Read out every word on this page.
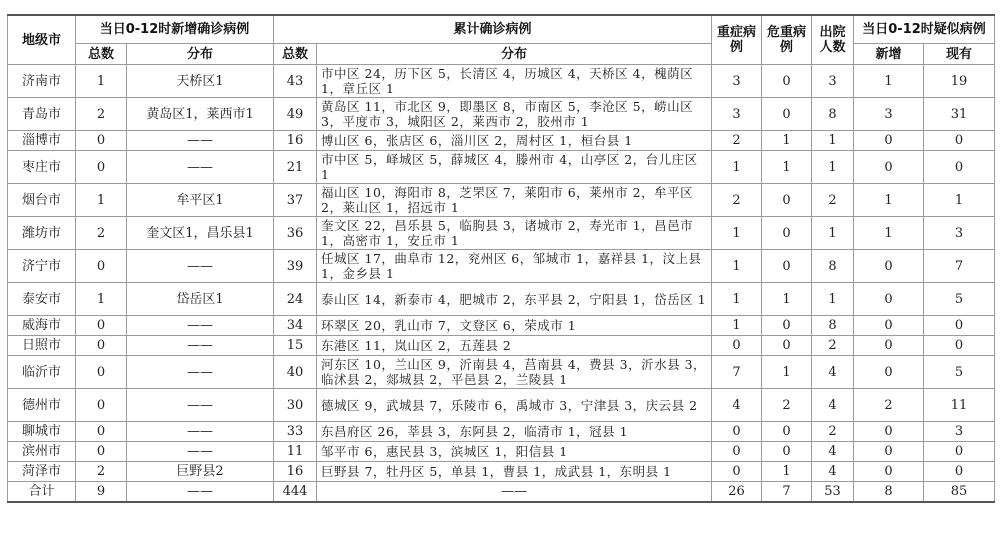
地级市	当日0-12时新增确诊病例		累计确诊病例		重症病例	危重病例	出院人数	当日0-12时疑似病例	
	总数	分布	总数	分布				新增	现有
济南市	1	天桥区1	43	市中区 24，历下区 5，长清区 4，历城区 4，天桥区 4，槐荫区 1，章丘区 1	3	0	3	1	19
青岛市	2	黄岛区1，莱西市1	49	黄岛区 11，市北区 9，即墨区 8，市南区 5，李沧区 5，崂山区 3，平度市 3，城阳区 2，莱西市 2，胶州市 1	3	0	8	3	31
淄博市	0	——	16	博山区 6，张店区 6，淄川区 2，周村区 1，桓台县 1	2	1	1	0	0
枣庄市	0	——	21	市中区 5，峄城区 5，薛城区 4，滕州市 4，山亭区 2，台儿庄区 1	1	1	1	0	0
烟台市	1	牟平区1	37	福山区 10，海阳市 8，芝罘区 7，莱阳市 6，莱州市 2，牟平区 2，莱山区 1，招远市 1	2	0	2	1	1
潍坊市	2	奎文区1，昌乐县1	36	奎文区 22，昌乐县 5，临朐县 3，诸城市 2，寿光市 1，昌邑市 1，高密市 1，安丘市 1	1	0	1	1	3
济宁市	0	——	39	任城区 17，曲阜市 12，兖州区 6，邹城市 1，嘉祥县 1，汶上县 1，金乡县 1	1	0	8	0	7
泰安市	1	岱岳区1	24	泰山区 14，新泰市 4，肥城市 2，东平县 2，宁阳县 1，岱岳区 1	1	1	1	0	5
威海市	0	——	34	环翠区 20，乳山市 7，文登区 6，荣成市 1	1	0	8	0	0
日照市	0	——	15	东港区 11，岚山区 2，五莲县 2	0	0	2	0	0
临沂市	0	——	40	河东区 10，兰山区 9，沂南县 4，莒南县 4，费县 3，沂水县 3，临沭县 2，郯城县 2，平邑县 2，兰陵县 1	7	1	4	0	5
德州市	0	——	30	德城区 9，武城县 7，乐陵市 6，禹城市 3，宁津县 3，庆云县 2	4	2	4	2	11
聊城市	0	——	33	东昌府区 26，莘县 3，东阿县 2，临清市 1，冠县 1	0	0	2	0	3
滨州市	0	——	11	邹平市 6，惠民县 3，滨城区 1，阳信县 1	0	0	4	0	0
菏泽市	2	巨野县2	16	巨野县 7，牡丹区 5，单县 1，曹县 1，成武县 1，东明县 1	0	1	4	0	0
合计	9	——	444	——	26	7	53	8	85
